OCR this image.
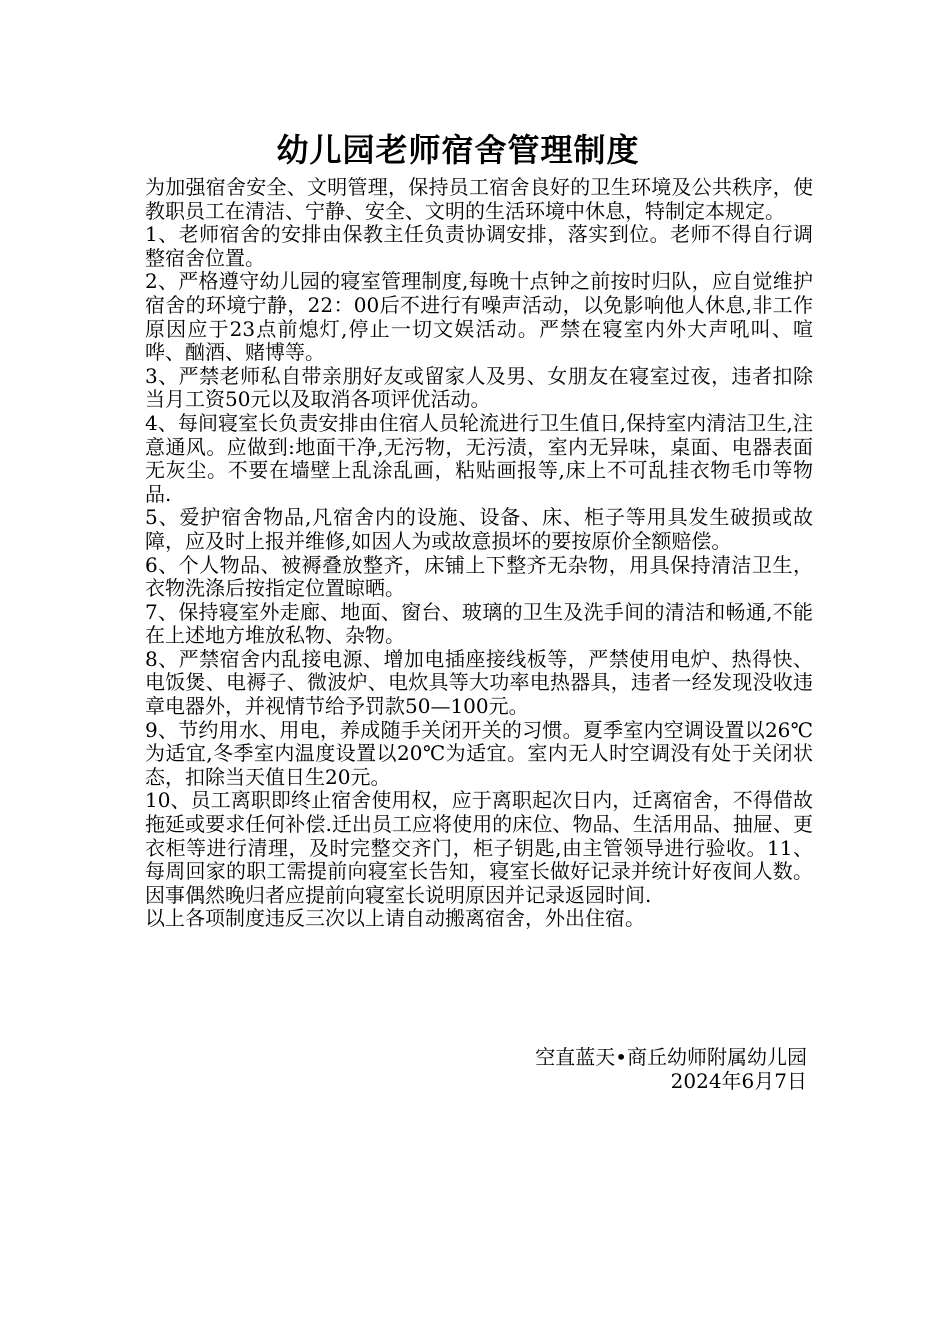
幼儿园老师宿舍管理制度

为加强宿舍安全、文明管理，保持员工宿舍良好的卫生环境及公共秩序，使教职员工在清洁、宁静、安全、文明的生活环境中休息，特制定本规定。

1、老师宿舍的安排由保教主任负责协调安排，落实到位。老师不得自行调整宿舍位置。

2、严格遵守幼儿园的寝室管理制度,每晚十点钟之前按时归队，应自觉维护宿舍的环境宁静，22：00后不进行有噪声活动，以免影响他人休息,非工作原因应于23点前熄灯,停止一切文娱活动。严禁在寝室内外大声吼叫、喧哗、酗酒、赌博等。

3、严禁老师私自带亲朋好友或留家人及男、女朋友在寝室过夜，违者扣除当月工资50元以及取消各项评优活动。

4、每间寝室长负责安排由住宿人员轮流进行卫生值日,保持室内清洁卫生,注意通风。应做到:地面干净,无污物，无污渍，室内无异味，桌面、电器表面无灰尘。不要在墙壁上乱涂乱画，粘贴画报等,床上不可乱挂衣物毛巾等物品.

5、爱护宿舍物品,凡宿舍内的设施、设备、床、柜子等用具发生破损或故障，应及时上报并维修,如因人为或故意损坏的要按原价全额赔偿。

6、个人物品、被褥叠放整齐，床铺上下整齐无杂物，用具保持清洁卫生，衣物洗涤后按指定位置晾晒。

7、保持寝室外走廊、地面、窗台、玻璃的卫生及洗手间的清洁和畅通,不能在上述地方堆放私物、杂物。

8、严禁宿舍内乱接电源、增加电插座接线板等，严禁使用电炉、热得快、电饭煲、电褥子、微波炉、电炊具等大功率电热器具，违者一经发现没收违章电器外，并视情节给予罚款50—100元。

9、节约用水、用电，养成随手关闭开关的习惯。夏季室内空调设置以26℃为适宜,冬季室内温度设置以20℃为适宜。室内无人时空调没有处于关闭状态，扣除当天值日生20元。

10、员工离职即终止宿舍使用权，应于离职起次日内，迁离宿舍，不得借故拖延或要求任何补偿.迁出员工应将使用的床位、物品、生活用品、抽屉、更衣柜等进行清理，及时完整交齐门，柜子钥匙,由主管领导进行验收。11、每周回家的职工需提前向寝室长告知，寝室长做好记录并统计好夜间人数。因事偶然晚归者应提前向寝室长说明原因并记录返园时间.

以上各项制度违反三次以上请自动搬离宿舍，外出住宿。

空直蓝天•商丘幼师附属幼儿园
2024年6月7日
